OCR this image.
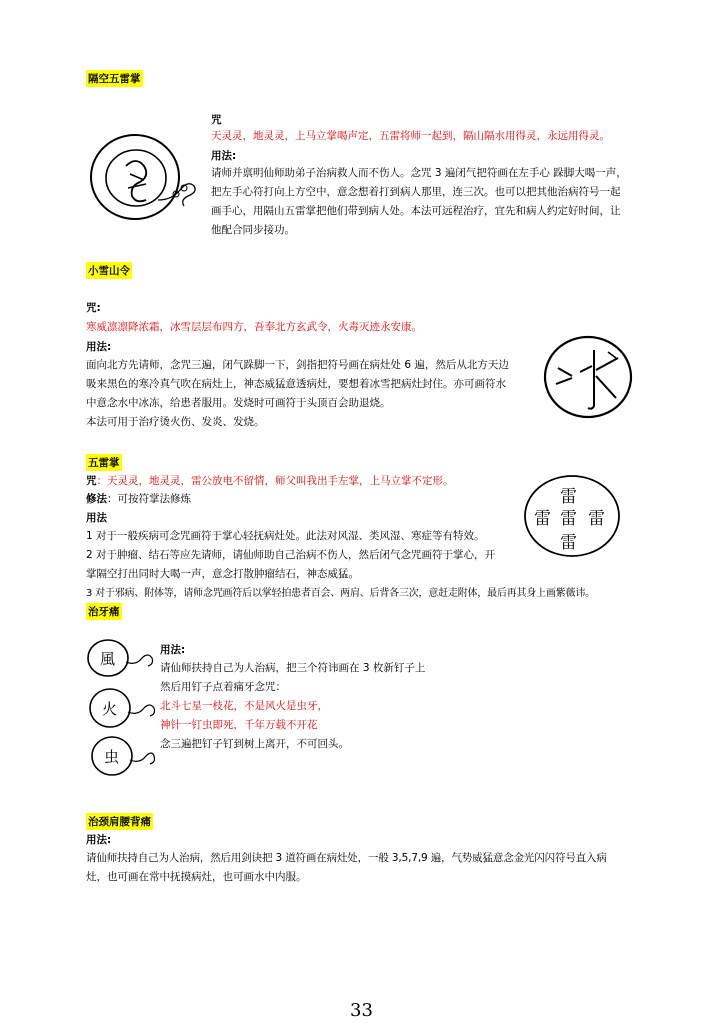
隔空五雷掌
咒
天灵灵，地灵灵，上马立掌喝声定，五雷将师一起到，隔山隔水用得灵，永远用得灵。
用法:
请师并禀明仙师助弟子治病救人而不伤人。念咒 3 遍闭气把符画在左手心 跺脚大喝一声，
把左手心符打向上方空中，意念想着打到病人那里，连三次。也可以把其他治病符号一起
画手心，用隔山五雷掌把他们带到病人处。本法可远程治疗，宜先和病人约定好时间，让
他配合同步接功。
小雪山令
咒:
寒威凛凛降浓霜，冰雪层层布四方，吾奉北方玄武令，火毒灭迹永安康。
用法:
面向北方先请师，念咒三遍，闭气跺脚一下，剑指把符号画在病灶处 6 遍，然后从北方天边
吸来黑色的寒冷真气吹在病灶上，神态威猛意透病灶，要想着冰雪把病灶封住。亦可画符水
中意念水中冰冻，给患者服用。发烧时可画符于头顶百会助退烧。
本法可用于治疗烫火伤、发炎、发烧。
五雷掌
咒：天灵灵，地灵灵，雷公放电不留情，师父叫我出手左掌，上马立掌不定形。
修法：可按符掌法修炼
用法
1 对于一般疾病可念咒画符于掌心轻抚病灶处。此法对风湿、类风湿、寒症等有特效。
2 对于肿瘤、结石等应先请师，请仙师助自己治病不伤人，然后闭气念咒画符于掌心，开
掌隔空打出同时大喝一声，意念打散肿瘤结石，神态威猛。
3 对于邪病、附体等，请师念咒画符后以掌轻拍患者百会、两肩、后背各三次，意赶走附体，最后再其身上画紫薇讳。
雷
雷 雷 雷
雷
治牙痛
用法:
请仙师扶持自己为人治病，把三个符讳画在 3 枚新钉子上
然后用钉子点着痛牙念咒：
北斗七星一枝花，不是风火是虫牙，
神针一钉虫即死，千年万载不开花
念三遍把钉子钉到树上离开，不可回头。
風
火
虫
治颈肩腰背痛
用法:
请仙师扶持自己为人治病，然后用剑诀把 3 道符画在病灶处，一般 3,5,7,9 遍，气势威猛意念金光闪闪符号直入病
灶，也可画在常中抚摸病灶，也可画水中内服。
33
